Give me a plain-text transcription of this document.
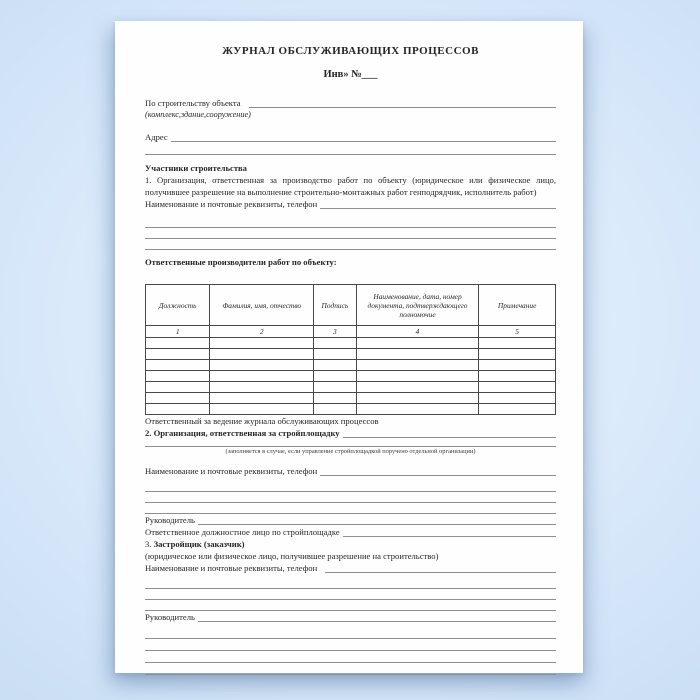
ЖУРНАЛ ОБСЛУЖИВАЮЩИХ ПРОЦЕССОВ
Инв» №___
По строительству объекта
(комплекс,здание,сооружение)
Адрес
Участники строительства
1. Организация, ответственная за производство работ по объекту (юридическое или физическое лицо, получившее разрешение на выполнение строительно-монтажных работ генподрядчик, исполнитель работ)
Наименование и почтовые реквизиты, телефон
Ответственные производители работ по объекту:
Должность	Фамилия, имя, отчество	Подпись	Наименование, дата, номер документа, подтверждающего полномочие	Примечание
1	2	3	4	5

Ответственный за ведение журнала обслуживающих процессов
2. Организация, ответственная за стройплощадку
(заполняется в случае, если управление стройплощадкой поручено отдельной организации)
Наименование и почтовые реквизиты, телефон
Руководитель
Ответственное должностное лицо по стройплощадке
3. Застройщик (заказчик)
(юридическое или физическое лицо, получившее разрешение на строительство)
Наименование и почтовые реквизиты, телефон
Руководитель
